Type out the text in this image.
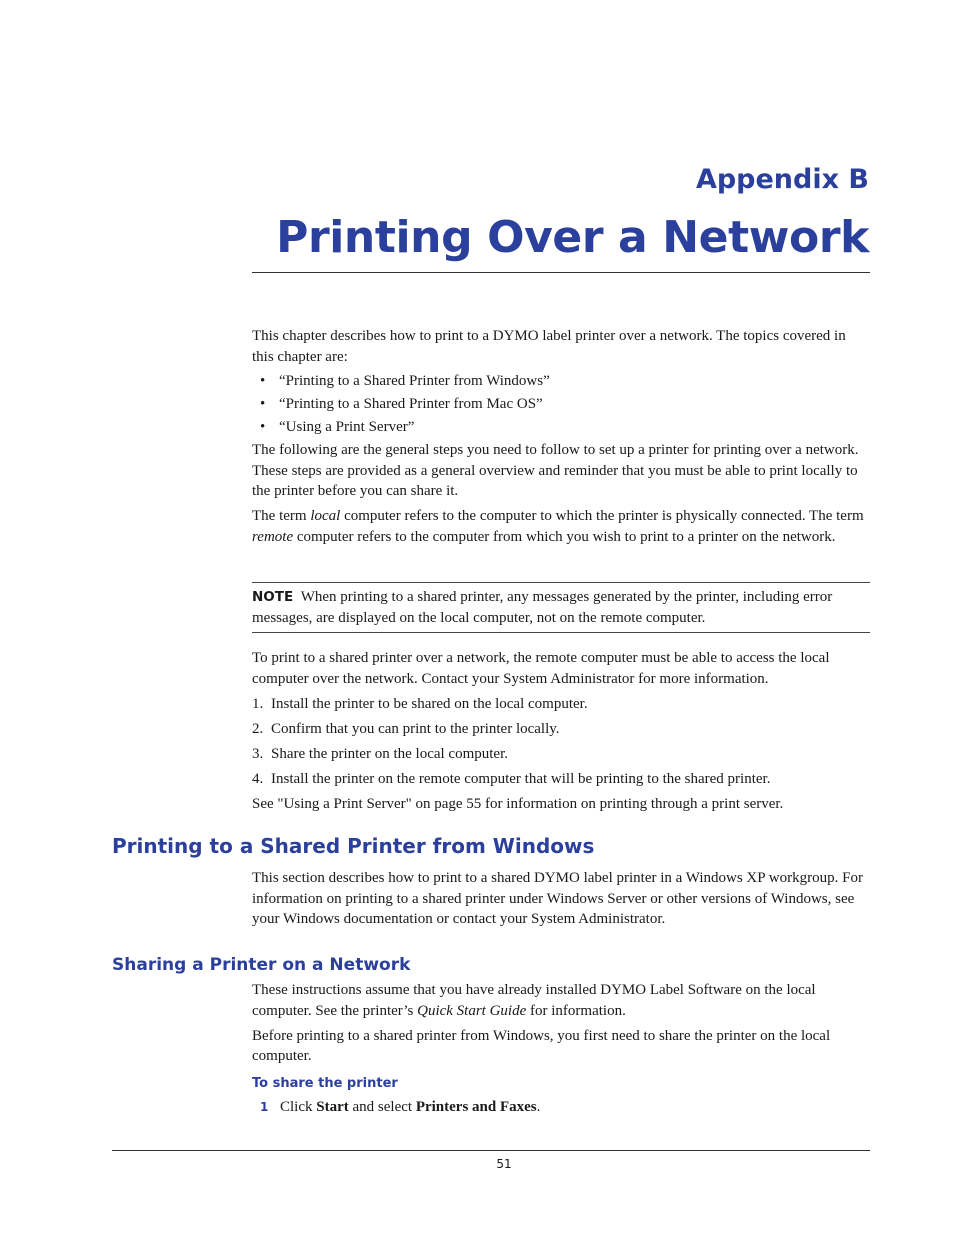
Appendix B
Printing Over a Network

This chapter describes how to print to a DYMO label printer over a network. The topics covered in this chapter are:

• “Printing to a Shared Printer from Windows”
• “Printing to a Shared Printer from Mac OS”
• “Using a Print Server”

The following are the general steps you need to follow to set up a printer for printing over a network. These steps are provided as a general overview and reminder that you must be able to print locally to the printer before you can share it.

The term local computer refers to the computer to which the printer is physically connected. The term remote computer refers to the computer from which you wish to print to a printer on the network.

NOTE When printing to a shared printer, any messages generated by the printer, including error messages, are displayed on the local computer, not on the remote computer.

To print to a shared printer over a network, the remote computer must be able to access the local computer over the network. Contact your System Administrator for more information.

1. Install the printer to be shared on the local computer.
2. Confirm that you can print to the printer locally.
3. Share the printer on the local computer.
4. Install the printer on the remote computer that will be printing to the shared printer.

See "Using a Print Server" on page 55 for information on printing through a print server.

Printing to a Shared Printer from Windows

This section describes how to print to a shared DYMO label printer in a Windows XP workgroup. For information on printing to a shared printer under Windows Server or other versions of Windows, see your Windows documentation or contact your System Administrator.

Sharing a Printer on a Network

These instructions assume that you have already installed DYMO Label Software on the local computer. See the printer’s Quick Start Guide for information.

Before printing to a shared printer from Windows, you first need to share the printer on the local computer.

To share the printer

1 Click Start and select Printers and Faxes.

51
